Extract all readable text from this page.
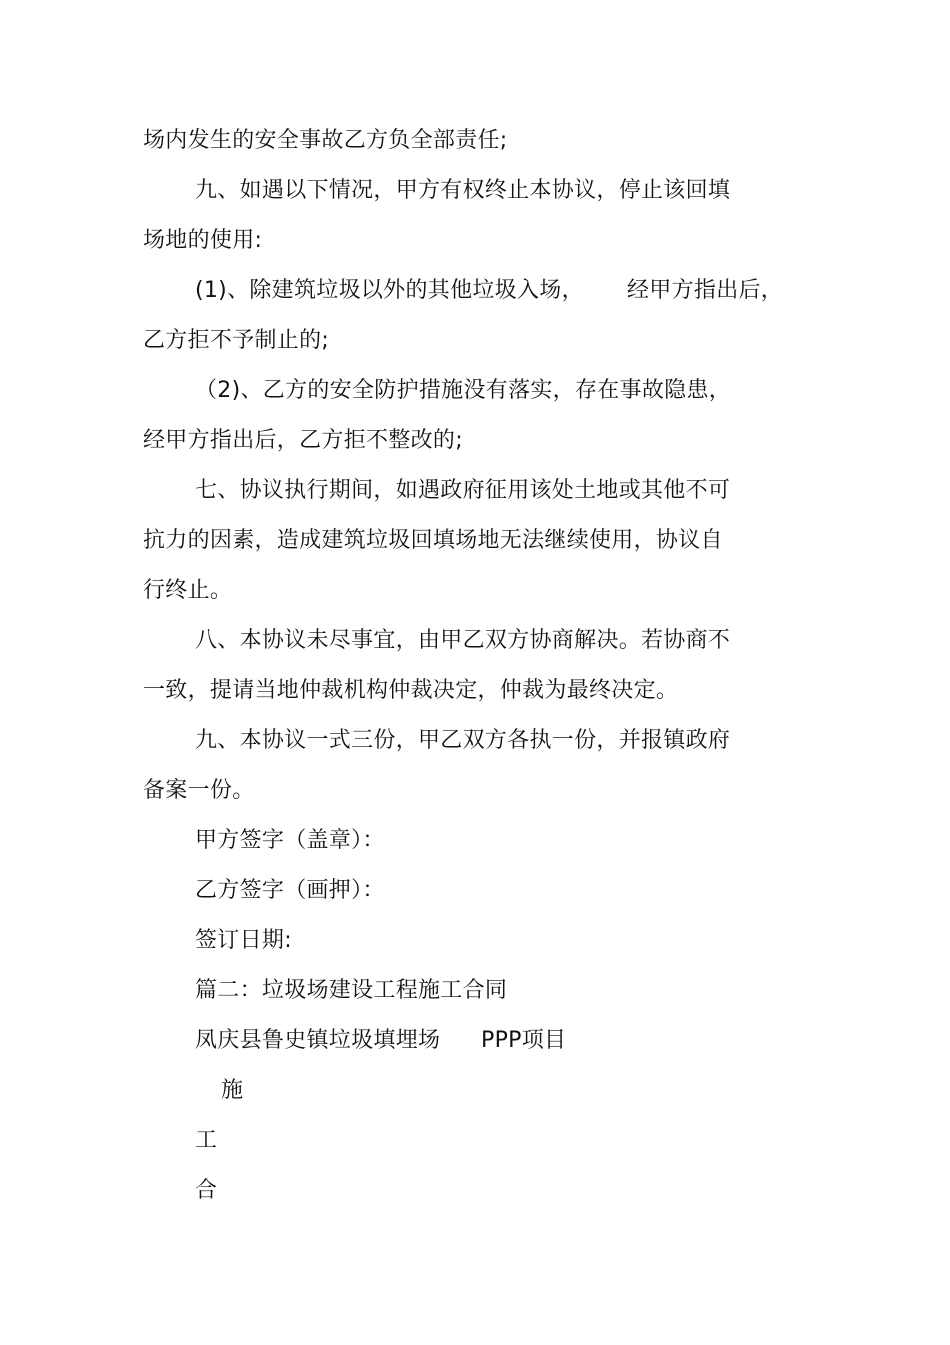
场内发生的安全事故乙方负全部责任;
九、如遇以下情况，甲方有权终止本协议，停止该回填
场地的使用:
(1)、除建筑垃圾以外的其他垃圾入场， 经甲方指出后，
乙方拒不予制止的;
（2)、乙方的安全防护措施没有落实，存在事故隐患，
经甲方指出后，乙方拒不整改的;
七、协议执行期间，如遇政府征用该处土地或其他不可
抗力的因素，造成建筑垃圾回填场地无法继续使用，协议自
行终止。
八、本协议未尽事宜，由甲乙双方协商解决。若协商不
一致，提请当地仲裁机构仲裁决定，仲裁为最终决定。
九、本协议一式三份，甲乙双方各执一份，并报镇政府
备案一份。
甲方签字（盖章）：
乙方签字（画押）：
签订日期:
篇二：垃圾场建设工程施工合同
凤庆县鲁史镇垃圾填埋场 PPP项目
施
工
合
